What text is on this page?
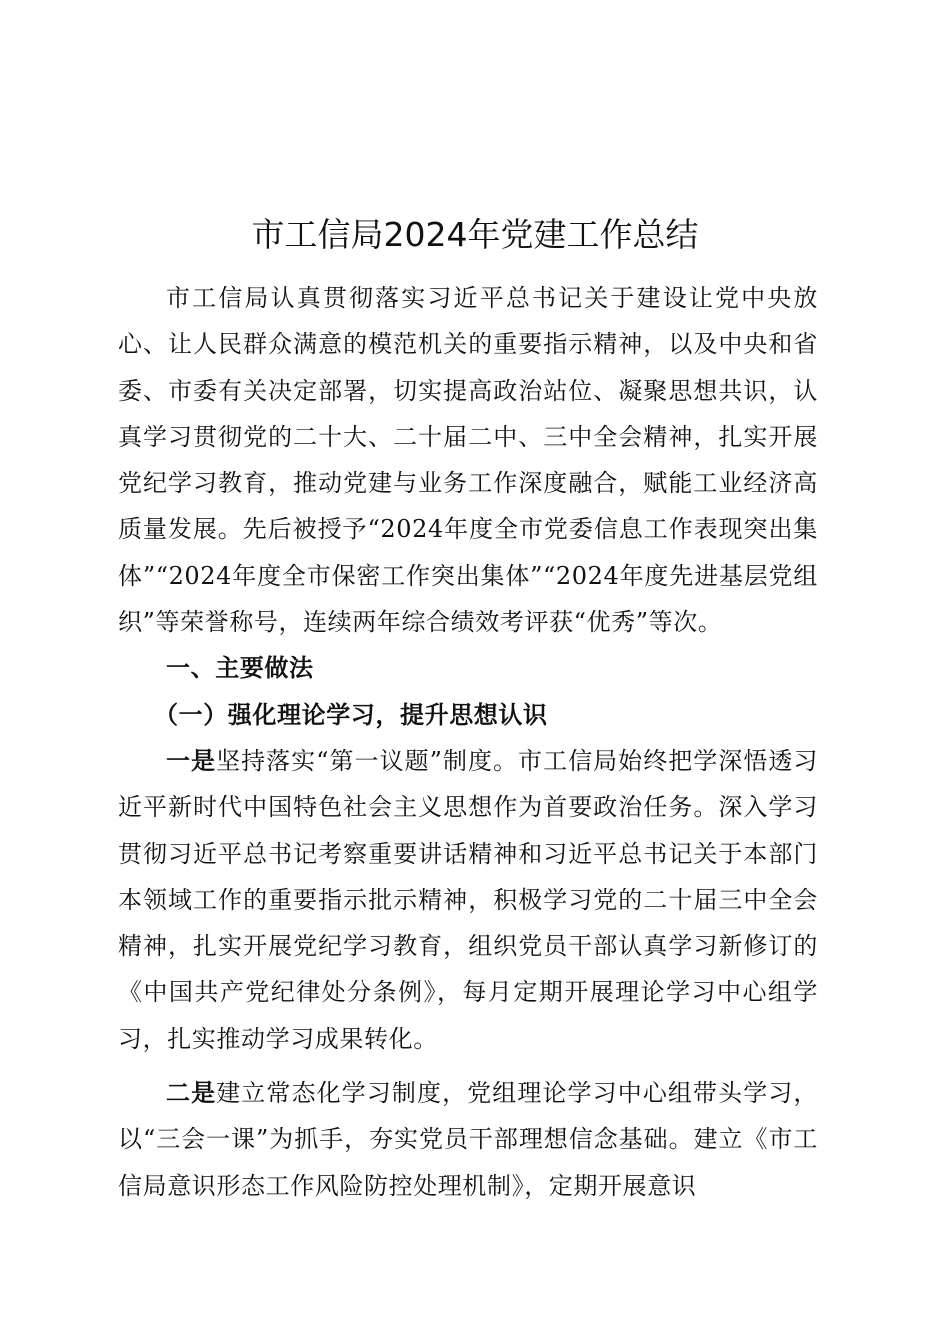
市工信局2024年党建工作总结

市工信局认真贯彻落实习近平总书记关于建设让党中央放心、让人民群众满意的模范机关的重要指示精神，以及中央和省委、市委有关决定部署，切实提高政治站位、凝聚思想共识，认真学习贯彻党的二十大、二十届二中、三中全会精神，扎实开展党纪学习教育，推动党建与业务工作深度融合，赋能工业经济高质量发展。先后被授予“2024年度全市党委信息工作表现突出集体”“2024年度全市保密工作突出集体”“2024年度先进基层党组织”等荣誉称号，连续两年综合绩效考评获“优秀”等次。

一、主要做法

（一）强化理论学习，提升思想认识

一是坚持落实“第一议题”制度。市工信局始终把学深悟透习近平新时代中国特色社会主义思想作为首要政治任务。深入学习贯彻习近平总书记考察重要讲话精神和习近平总书记关于本部门本领域工作的重要指示批示精神，积极学习党的二十届三中全会精神，扎实开展党纪学习教育，组织党员干部认真学习新修订的《中国共产党纪律处分条例》，每月定期开展理论学习中心组学习，扎实推动学习成果转化。

二是建立常态化学习制度，党组理论学习中心组带头学习，以“三会一课”为抓手，夯实党员干部理想信念基础。建立《市工信局意识形态工作风险防控处理机制》，定期开展意识
